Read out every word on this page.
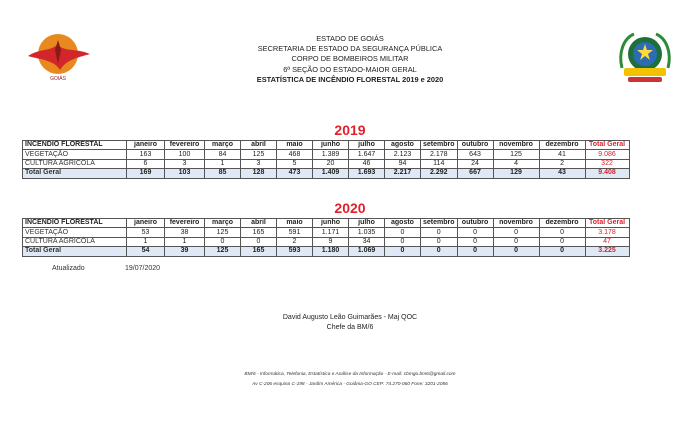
GOIÁS
ESTADO DE GOIÁS
SECRETARIA DE ESTADO DA SEGURANÇA PÚBLICA
CORPO DE BOMBEIROS MILITAR
6ª SEÇÃO DO ESTADO-MAIOR GERAL
ESTATÍSTICA DE INCÊNDIO FLORESTAL 2019 e 2020
2019
INCÊNDIO FLORESTAL	janeiro	fevereiro	março	abril	maio	junho	julho	agosto	setembro	outubro	novembro	dezembro	Total Geral
VEGETAÇÃO	163	100	84	125	468	1.389	1.647	2.123	2.178	643	125	41	9.086
CULTURA AGRÍCOLA	6	3	1	3	5	20	46	94	114	24	4	2	322
Total Geral	169	103	85	128	473	1.409	1.693	2.217	2.292	667	129	43	9.408
2020
INCÊNDIO FLORESTAL	janeiro	fevereiro	março	abril	maio	junho	julho	agosto	setembro	outubro	novembro	dezembro	Total Geral
VEGETAÇÃO	53	38	125	165	591	1.171	1.035	0	0	0	0	0	3.178
CULTURA AGRÍCOLA	1	1	0	0	2	9	34	0	0	0	0	0	47
Total Geral	54	39	125	165	593	1.180	1.069	0	0	0	0	0	3.225
Atualizado	19/07/2020
David Augusto Leão Guimarães - Maj QOC
Chefe da BM/6
BM/6 - Informática, Telefonia, Estatística e Análise da Informação - E-mail: cbmgo.bm6@gmail.com
Av C-206 esquina C-198 - Jardim América - Goiânia-GO CEP: 74.270-060 Fone: 3201-2056
